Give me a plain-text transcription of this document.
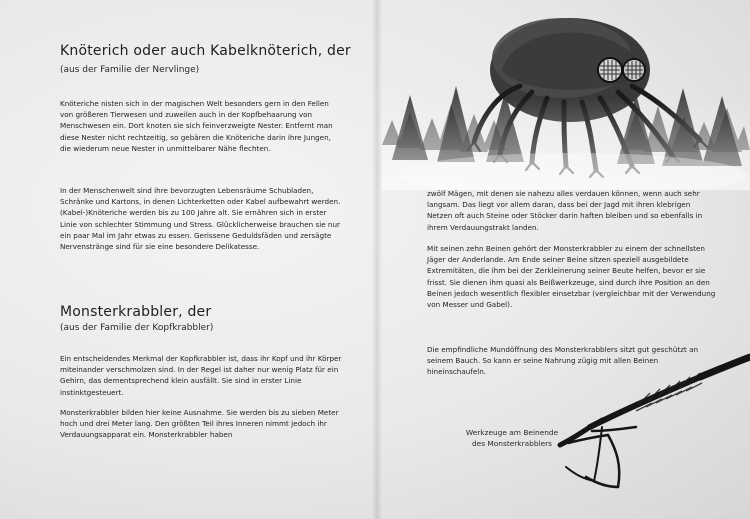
Knöterich oder auch Kabelknöterich, der
(aus der Familie der Nervlinge)
Knöteriche nisten sich in der magischen Welt besonders gern in den Fellen von größeren Tierwesen und zuweilen auch in der Kopfbehaarung von Menschwesen ein. Dort knoten sie sich feinverzweigte Nester. Entfernt man diese Nester nicht rechtzeitig, so gebären die Knöteriche darin ihre Jungen, die wiederum neue Nester in unmittelbarer Nähe flechten.
In der Menschenwelt sind ihre bevorzugten Lebensräume Schubladen, Schränke und Kartons, in denen Lichterketten oder Kabel aufbewahrt werden. (Kabel-)Knöteriche werden bis zu 100 Jahre alt. Sie ernähren sich in erster Linie von schlechter Stimmung und Stress. Glücklicherweise brauchen sie nur ein paar Mal im Jahr etwas zu essen. Gerissene Geduldsfäden und zersägte Nervenstränge sind für sie eine besondere Delikatesse.
Monsterkrabbler, der
(aus der Familie der Kopfkrabbler)
Ein entscheidendes Merkmal der Kopfkrabbler ist, dass ihr Kopf und ihr Körper miteinander verschmolzen sind. In der Regel ist daher nur wenig Platz für ein Gehirn, das dementsprechend klein ausfällt. Sie sind in erster Linie instinktgesteuert.
Monsterkrabbler bilden hier keine Ausnahme. Sie werden bis zu sieben Meter hoch und drei Meter lang. Den größten Teil ihres Inneren nimmt jedoch ihr Verdauungsapparat ein. Monsterkrabbler haben
zwölf Mägen, mit denen sie nahezu alles verdauen können, wenn auch sehr langsam. Das liegt vor allem daran, dass bei der Jagd mit ihren klebrigen Netzen oft auch Steine oder Stöcker darin haften bleiben und so ebenfalls in ihrem Verdauungstrakt landen.
Mit seinen zehn Beinen gehört der Monsterkrabbler zu einem der schnellsten Jäger der Anderlande. Am Ende seiner Beine sitzen speziell ausgebildete Extremitäten, die ihm bei der Zerkleinerung seiner Beute helfen, bevor er sie frisst. Sie dienen ihm quasi als Beißwerkzeuge, sind durch ihre Position an den Beinen jedoch wesentlich flexibler einsetzbar (vergleichbar mit der Verwendung von Messer und Gabel).
Die empfindliche Mundöffnung des Monsterkrabblers sitzt gut geschützt an seinem Bauch. So kann er seine Nahrung zügig mit allen Beinen hineinschaufeln.
Werkzeuge am Beinende
des Monsterkrabblers
